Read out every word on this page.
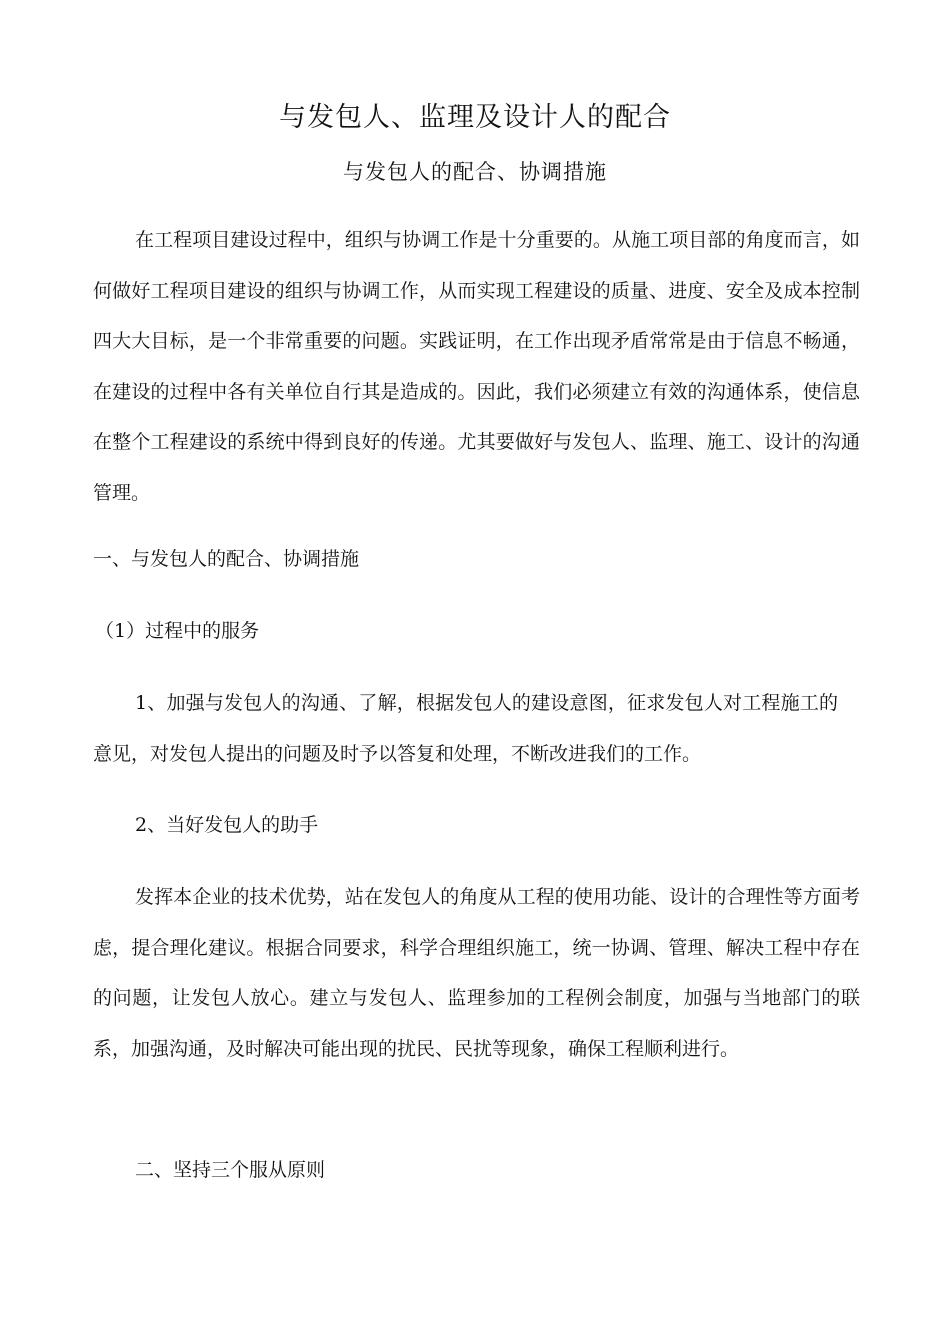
与发包人、监理及设计人的配合
与发包人的配合、协调措施

在工程项目建设过程中，组织与协调工作是十分重要的。从施工项目部的角度而言，如何做好工程项目建设的组织与协调工作，从而实现工程建设的质量、进度、安全及成本控制四大大目标，是一个非常重要的问题。实践证明，在工作出现矛盾常常是由于信息不畅通，在建设的过程中各有关单位自行其是造成的。因此，我们必须建立有效的沟通体系，使信息在整个工程建设的系统中得到良好的传递。尤其要做好与发包人、监理、施工、设计的沟通管理。

一、与发包人的配合、协调措施

（1）过程中的服务

1、加强与发包人的沟通、了解，根据发包人的建设意图，征求发包人对工程施工的意见，对发包人提出的问题及时予以答复和处理，不断改进我们的工作。

2、当好发包人的助手

发挥本企业的技术优势，站在发包人的角度从工程的使用功能、设计的合理性等方面考虑，提合理化建议。根据合同要求，科学合理组织施工，统一协调、管理、解决工程中存在的问题，让发包人放心。建立与发包人、监理参加的工程例会制度，加强与当地部门的联系，加强沟通，及时解决可能出现的扰民、民扰等现象，确保工程顺利进行。

二、坚持三个服从原则
